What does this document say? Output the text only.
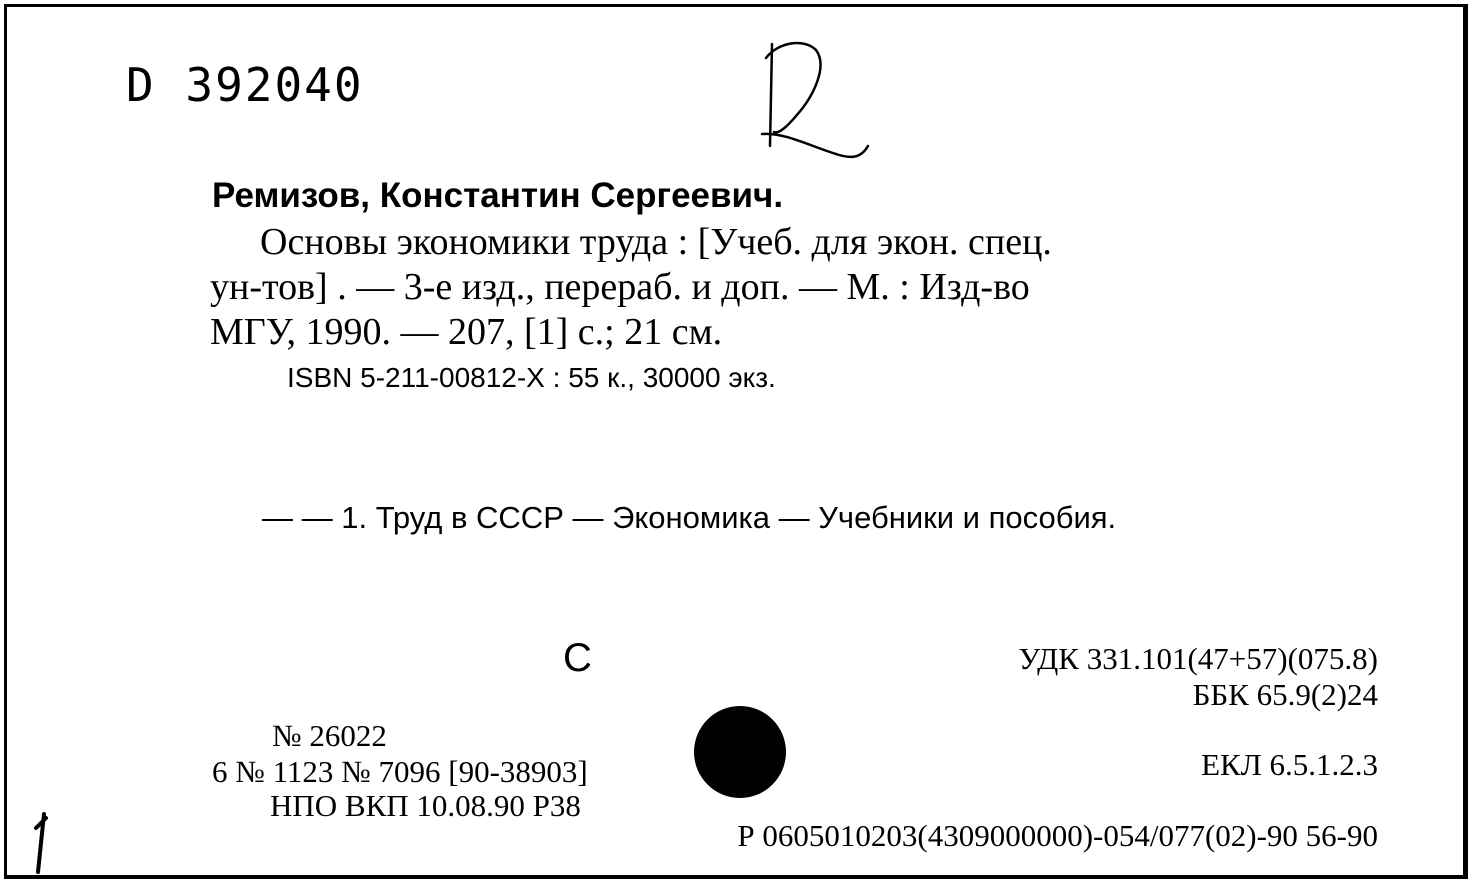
D 392040
Ремизов, Константин Сергеевич.
Основы экономики труда : [Учеб. для экон. спец.
ун-тов] . — 3-е изд., перераб. и доп. — М. : Изд-во
МГУ, 1990. — 207, [1] с.; 21 см.
ISBN 5-211-00812-X : 55 к., 30000 экз.
— — 1. Труд в СССР — Экономика — Учебники и пособия.
С	УДК 331.101(47+57)(075.8)
ББК 65.9(2)24
№ 26022
6 № 1123 № 7096 [90-38903]	ЕКЛ 6.5.1.2.3
НПО ВКП 10.08.90 Р38
Р 0605010203(4309000000)-054/077(02)-90 56-90
